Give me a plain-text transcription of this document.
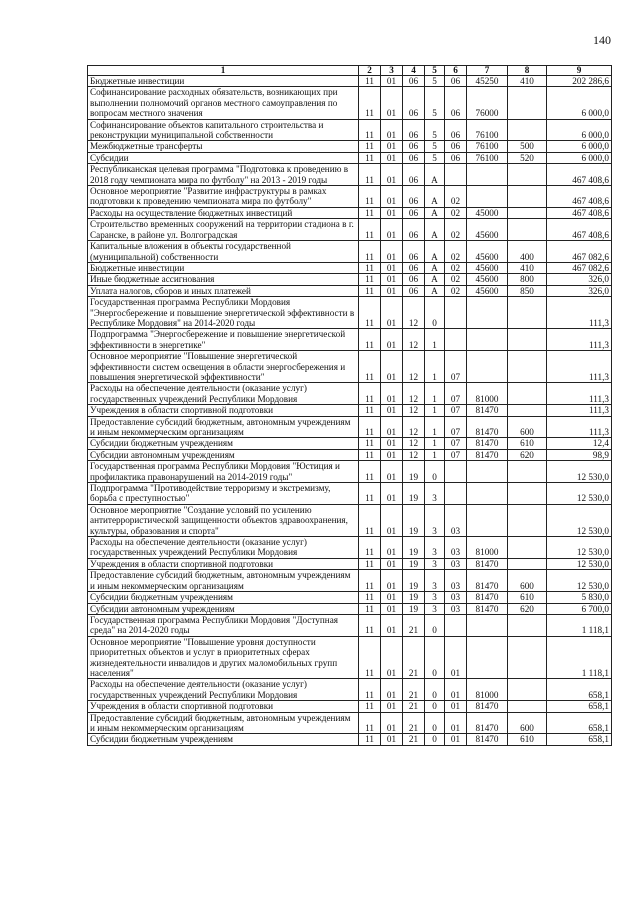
140
1	2	3	4	5	6	7	8	9
Бюджетные инвестиции	11	01	06	5	06	45250	410	202 286,6
Софинансирование расходных обязательств, возникающих при выполнении полномочий органов местного самоуправления по вопросам местного значения	11	01	06	5	06	76000		6 000,0
Софинансирование объектов капитального строительства и реконструкции муниципальной собственности	11	01	06	5	06	76100		6 000,0
Межбюджетные трансферты	11	01	06	5	06	76100	500	6 000,0
Субсидии	11	01	06	5	06	76100	520	6 000,0
Республиканская целевая программа "Подготовка к проведению в 2018 году чемпионата мира по футболу" на 2013 - 2019 годы	11	01	06	А				467 408,6
Основное мероприятие "Развитие инфраструктуры в рамках подготовки к проведению чемпионата мира по футболу"	11	01	06	А	02			467 408,6
Расходы на осуществление бюджетных инвестиций	11	01	06	А	02	45000		467 408,6
Строительство временных сооружений на территории стадиона в г. Саранске, в районе ул. Волгоградская	11	01	06	А	02	45600		467 408,6
Капитальные вложения в объекты государственной (муниципальной) собственности	11	01	06	А	02	45600	400	467 082,6
Бюджетные инвестиции	11	01	06	А	02	45600	410	467 082,6
Иные бюджетные ассигнования	11	01	06	А	02	45600	800	326,0
Уплата налогов, сборов и иных платежей	11	01	06	А	02	45600	850	326,0
Государственная программа Республики Мордовия "Энергосбережение и повышение энергетической эффективности в Республике Мордовия" на 2014-2020 годы	11	01	12	0				111,3
Подпрограмма "Энергосбережение и повышение энергетической эффективности в энергетике"	11	01	12	1				111,3
Основное мероприятие "Повышение энергетической эффективности систем освещения в области энергосбережения и повышения энергетической эффективности"	11	01	12	1	07			111,3
Расходы на обеспечение деятельности (оказание услуг) государственных учреждений Республики Мордовия	11	01	12	1	07	81000		111,3
Учреждения в области спортивной подготовки	11	01	12	1	07	81470		111,3
Предоставление субсидий бюджетным, автономным учреждениям и иным некоммерческим организациям	11	01	12	1	07	81470	600	111,3
Субсидии бюджетным учреждениям	11	01	12	1	07	81470	610	12,4
Субсидии автономным учреждениям	11	01	12	1	07	81470	620	98,9
Государственная программа Республики Мордовия "Юстиция и профилактика правонарушений на 2014-2019 годы"	11	01	19	0				12 530,0
Подпрограмма "Противодействие терроризму и экстремизму, борьба с преступностью"	11	01	19	3				12 530,0
Основное мероприятие "Создание условий по усилению антитеррористической защищенности объектов здравоохранения, культуры, образования и спорта"	11	01	19	3	03			12 530,0
Расходы на обеспечение деятельности (оказание услуг) государственных учреждений Республики Мордовия	11	01	19	3	03	81000		12 530,0
Учреждения в области спортивной подготовки	11	01	19	3	03	81470		12 530,0
Предоставление субсидий бюджетным, автономным учреждениям и иным некоммерческим организациям	11	01	19	3	03	81470	600	12 530,0
Субсидии бюджетным учреждениям	11	01	19	3	03	81470	610	5 830,0
Субсидии автономным учреждениям	11	01	19	3	03	81470	620	6 700,0
Государственная программа Республики Мордовия "Доступная среда" на 2014-2020 годы	11	01	21	0				1 118,1
Основное мероприятие "Повышение уровня доступности приоритетных объектов и услуг в приоритетных сферах жизнедеятельности инвалидов и других маломобильных групп населения"	11	01	21	0	01			1 118,1
Расходы на обеспечение деятельности (оказание услуг) государственных учреждений Республики Мордовия	11	01	21	0	01	81000		658,1
Учреждения в области спортивной подготовки	11	01	21	0	01	81470		658,1
Предоставление субсидий бюджетным, автономным учреждениям и иным некоммерческим организациям	11	01	21	0	01	81470	600	658,1
Субсидии бюджетным учреждениям	11	01	21	0	01	81470	610	658,1
